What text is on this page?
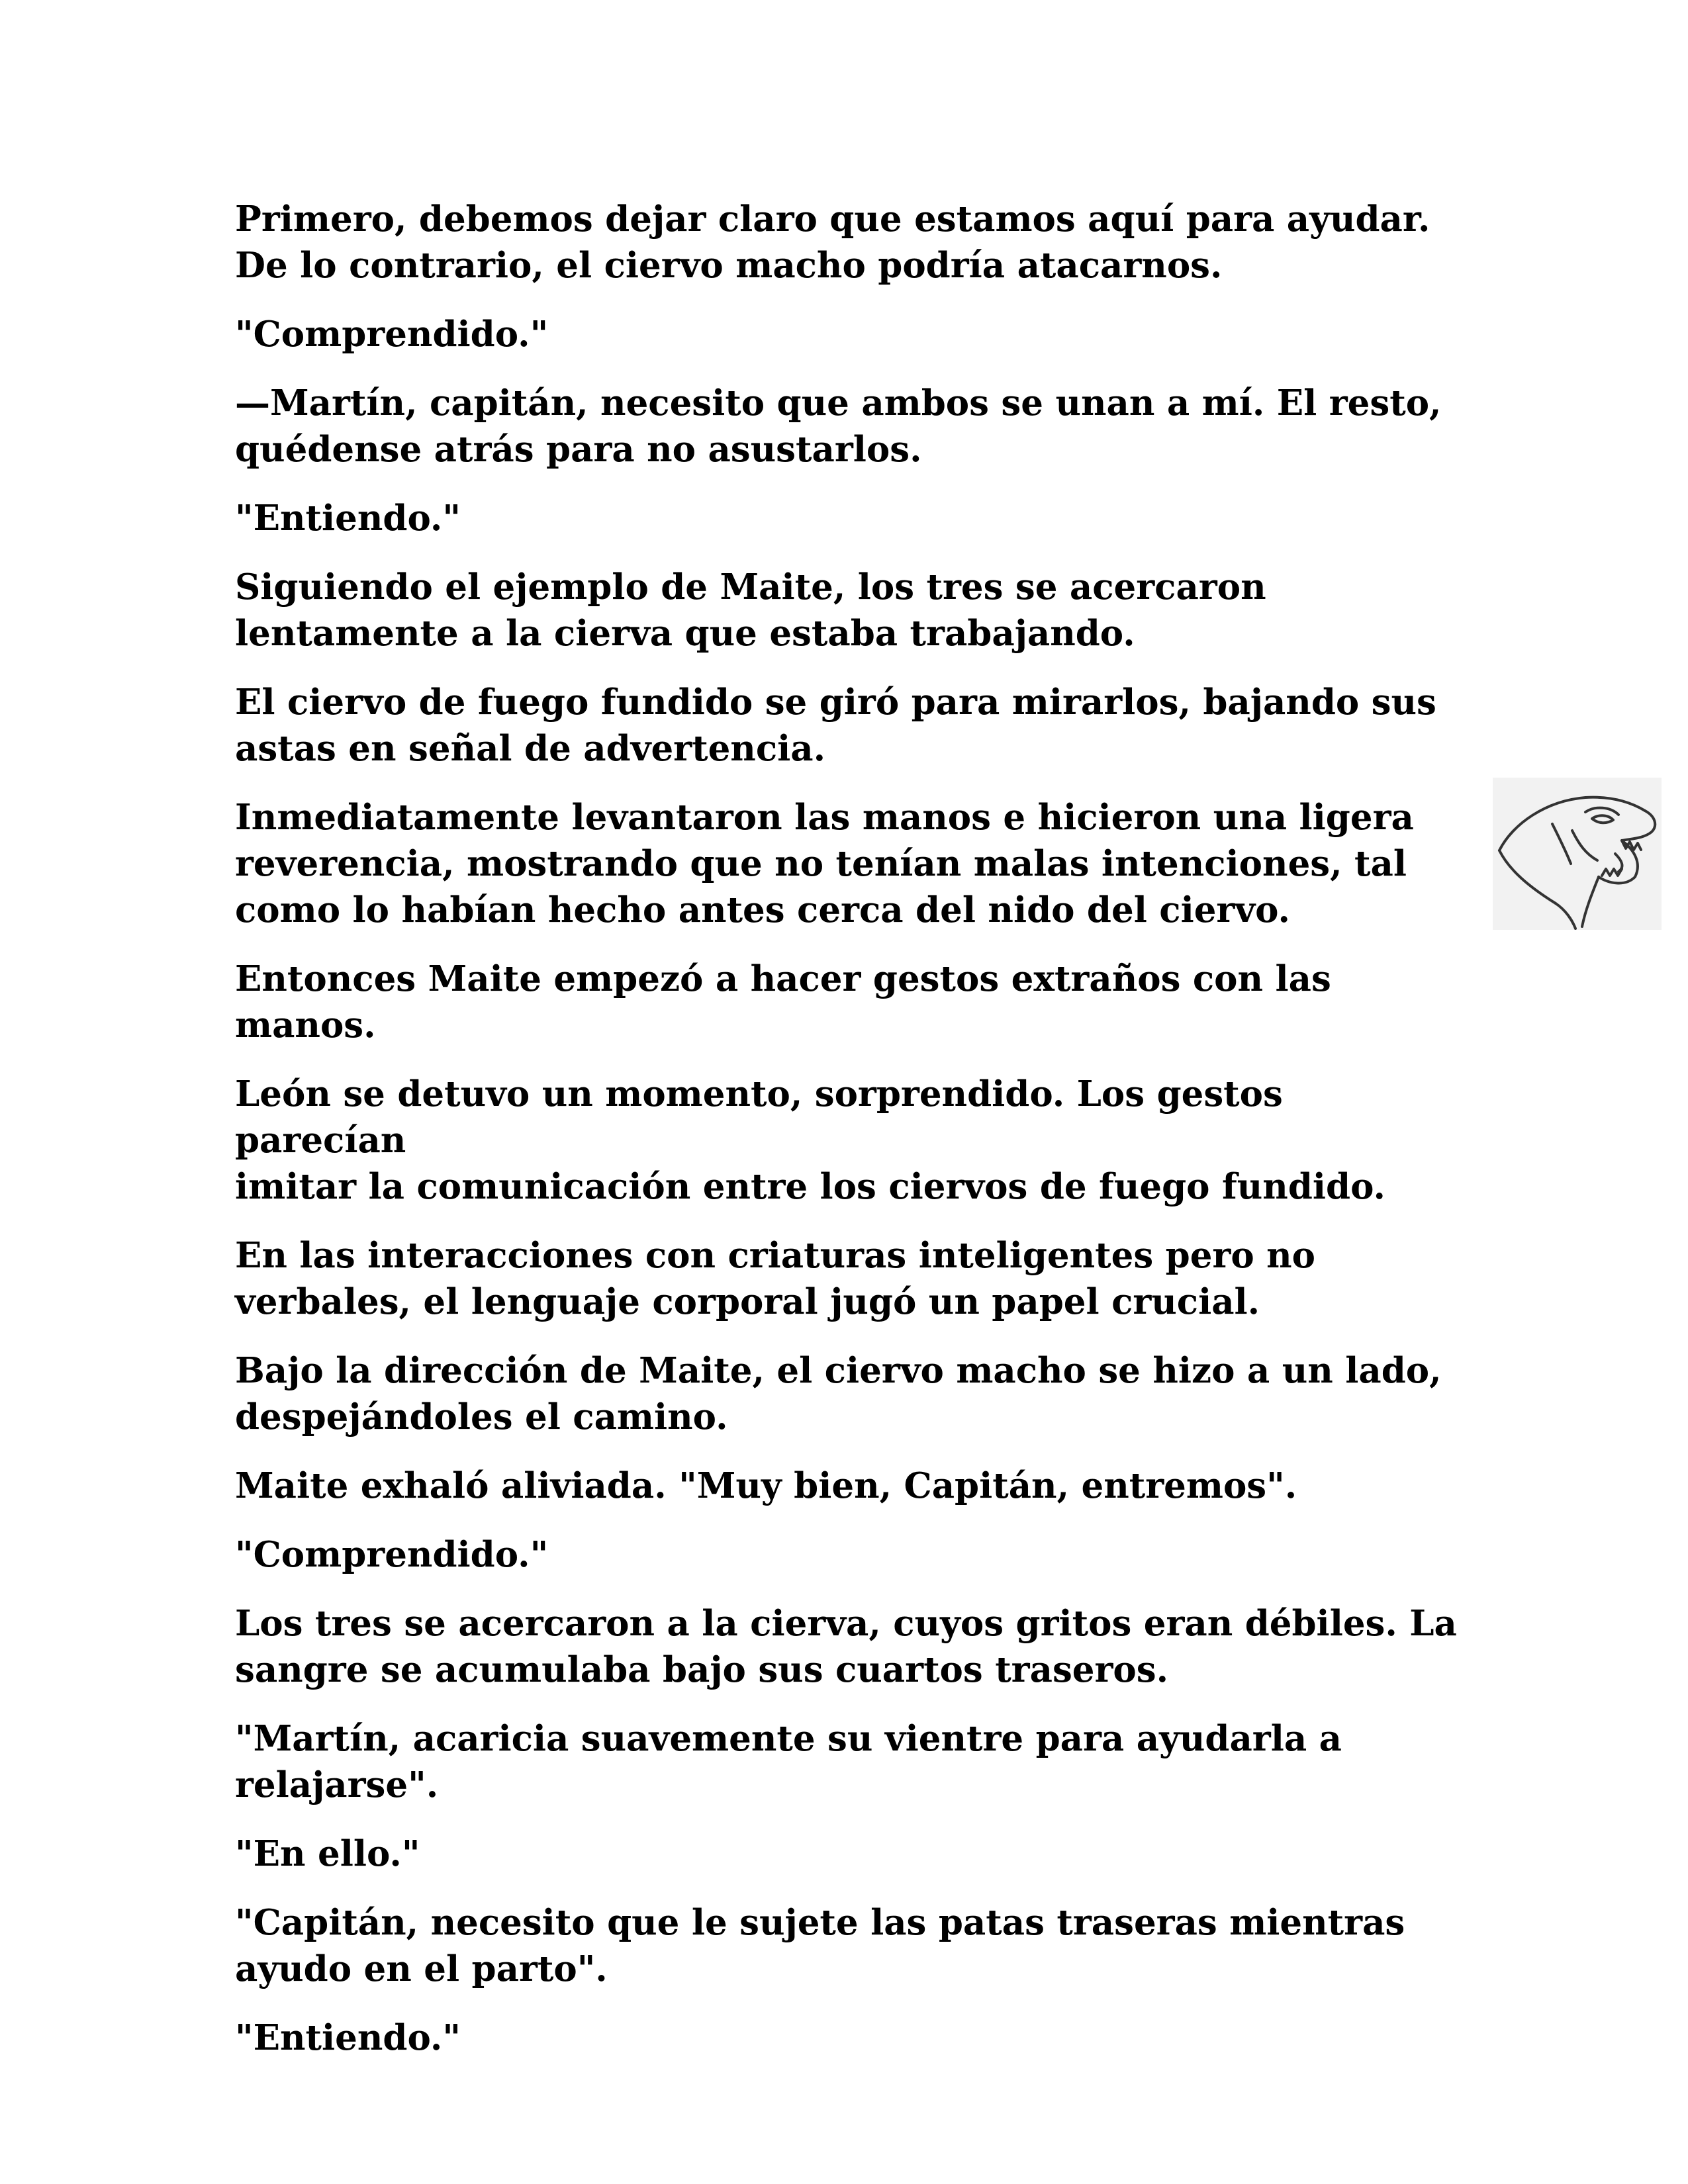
Primero, debemos dejar claro que estamos aquí para ayudar.
De lo contrario, el ciervo macho podría atacarnos.

"Comprendido."

—Martín, capitán, necesito que ambos se unan a mí. El resto,
quédense atrás para no asustarlos.

"Entiendo."

Siguiendo el ejemplo de Maite, los tres se acercaron
lentamente a la cierva que estaba trabajando.

El ciervo de fuego fundido se giró para mirarlos, bajando sus
astas en señal de advertencia.

Inmediatamente levantaron las manos e hicieron una ligera
reverencia, mostrando que no tenían malas intenciones, tal
como lo habían hecho antes cerca del nido del ciervo.

Entonces Maite empezó a hacer gestos extraños con las manos.

León se detuvo un momento, sorprendido. Los gestos parecían
imitar la comunicación entre los ciervos de fuego fundido.

En las interacciones con criaturas inteligentes pero no
verbales, el lenguaje corporal jugó un papel crucial.

Bajo la dirección de Maite, el ciervo macho se hizo a un lado,
despejándoles el camino.

Maite exhaló aliviada. "Muy bien, Capitán, entremos".

"Comprendido."

Los tres se acercaron a la cierva, cuyos gritos eran débiles. La
sangre se acumulaba bajo sus cuartos traseros.

"Martín, acaricia suavemente su vientre para ayudarla a
relajarse".

"En ello."

"Capitán, necesito que le sujete las patas traseras mientras
ayudo en el parto".

"Entiendo."
